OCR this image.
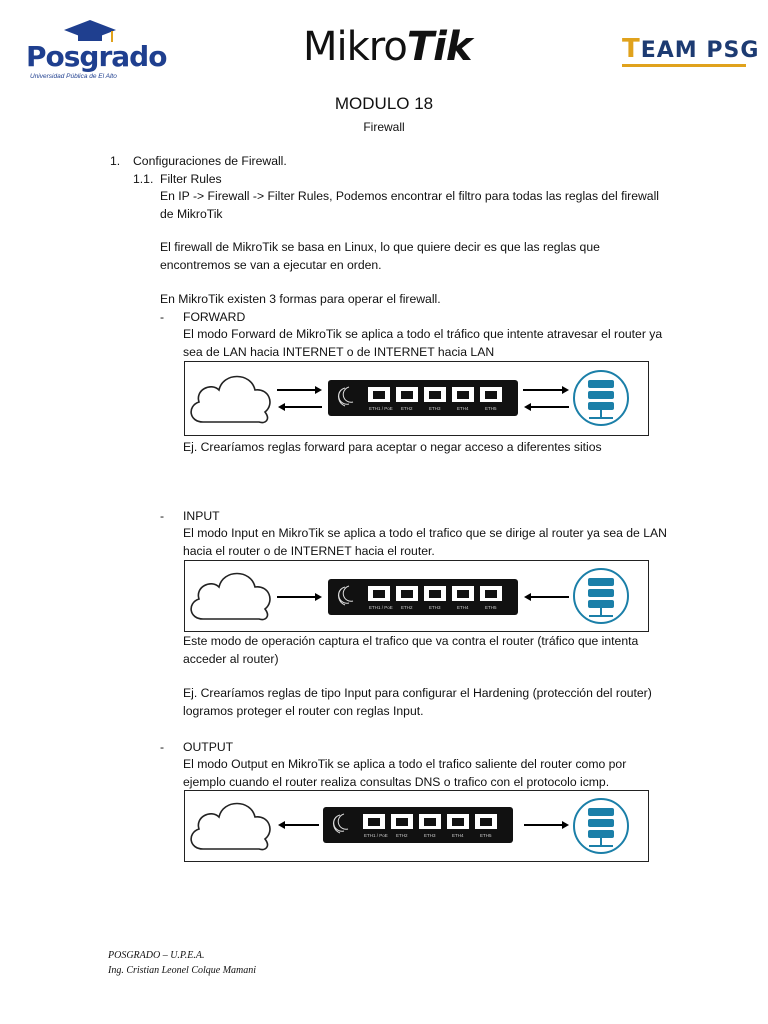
Posgrado
Universidad Pública de El Alto
MikroTik	TEAM PSG
MODULO 18
Firewall
1. Configuraciones de Firewall.
1.1. Filter Rules
En IP -> Firewall -> Filter Rules, Podemos encontrar el filtro para todas las reglas del firewall
de MikroTik
El firewall de MikroTik se basa en Linux, lo que quiere decir es que las reglas que
encontremos se van a ejecutar en orden.
En MikroTik existen 3 formas para operar el firewall.
- FORWARD
El modo Forward de MikroTik se aplica a todo el tráfico que intente atravesar el router ya
sea de LAN hacia INTERNET o de INTERNET hacia LAN
ETH1 / PoE ETH2	ETH3	ETH4	ETH5
Ej. Crearíamos reglas forward para aceptar o negar acceso a diferentes sitios
- INPUT
El modo Input en MikroTik se aplica a todo el trafico que se dirige al router ya sea de LAN
hacia el router o de INTERNET hacia el router.
ETH1 / PoE ETH2	ETH3	ETH4	ETH5
Este modo de operación captura el trafico que va contra el router (tráfico que intenta
acceder al router)
Ej. Crearíamos reglas de tipo Input para configurar el Hardening (protección del router)
logramos proteger el router con reglas Input.
- OUTPUT
El modo Output en MikroTik se aplica a todo el trafico saliente del router como por
ejemplo cuando el router realiza consultas DNS o trafico con el protocolo icmp.
ETH1 / PoE ETH2	ETH3	ETH4	ETH5
POSGRADO – U.P.E.A.
Ing. Cristian Leonel Colque Mamani
